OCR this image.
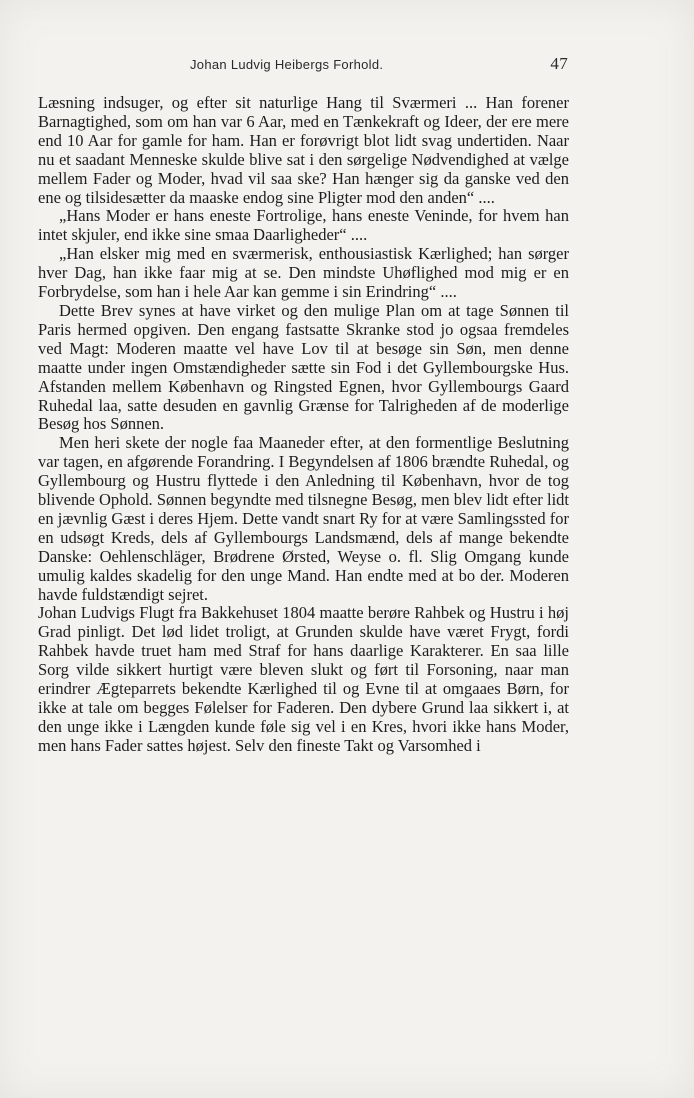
Johan Ludvig Heibergs Forhold.	47

Læsning indsuger, og efter sit naturlige Hang til Sværmeri ... Han forener Barnagtighed, som om han var 6 Aar, med en Tænkekraft og Ideer, der ere mere end 10 Aar for gamle for ham. Han er forøvrigt blot lidt svag undertiden. Naar nu et saadant Menneske skulde blive sat i den sørgelige Nødvendighed at vælge mellem Fader og Moder, hvad vil saa ske? Han hænger sig da ganske ved den ene og tilsidesætter da maaske endog sine Pligter mod den anden“ ....

„Hans Moder er hans eneste Fortrolige, hans eneste Veninde, for hvem han intet skjuler, end ikke sine smaa Daarligheder“ ....

„Han elsker mig med en sværmerisk, enthousiastisk Kærlighed; han sørger hver Dag, han ikke faar mig at se. Den mindste Uhøflighed mod mig er en Forbrydelse, som han i hele Aar kan gemme i sin Erindring“ ....

Dette Brev synes at have virket og den mulige Plan om at tage Sønnen til Paris hermed opgiven. Den engang fastsatte Skranke stod jo ogsaa fremdeles ved Magt: Moderen maatte vel have Lov til at besøge sin Søn, men denne maatte under ingen Omstændigheder sætte sin Fod i det Gyllembourgske Hus. Afstanden mellem København og Ringsted Egnen, hvor Gyllembourgs Gaard Ruhedal laa, satte desuden en gavnlig Grænse for Talrigheden af de moderlige Besøg hos Sønnen.

Men heri skete der nogle faa Maaneder efter, at den formentlige Beslutning var tagen, en afgørende Forandring. I Begyndelsen af 1806 brændte Ruhedal, og Gyllembourg og Hustru flyttede i den Anledning til København, hvor de tog blivende Ophold. Sønnen begyndte med tilsnegne Besøg, men blev lidt efter lidt en jævnlig Gæst i deres Hjem. Dette vandt snart Ry for at være Samlingssted for en udsøgt Kreds, dels af Gyllembourgs Landsmænd, dels af mange bekendte Danske: Oehlenschläger, Brødrene Ørsted, Weyse o. fl. Slig Omgang kunde umulig kaldes skadelig for den unge Mand. Han endte med at bo der. Moderen havde fuldstændigt sejret.

Johan Ludvigs Flugt fra Bakkehuset 1804 maatte berøre Rahbek og Hustru i høj Grad pinligt. Det lød lidet troligt, at Grunden skulde have været Frygt, fordi Rahbek havde truet ham med Straf for hans daarlige Karakterer. En saa lille Sorg vilde sikkert hurtigt være bleven slukt og ført til Forsoning, naar man erindrer Ægteparrets bekendte Kærlighed til og Evne til at omgaaes Børn, for ikke at tale om begges Følelser for Faderen. Den dybere Grund laa sikkert i, at den unge ikke i Længden kunde føle sig vel i en Kres, hvori ikke hans Moder, men hans Fader sattes højest. Selv den fineste Takt og Varsomhed i
